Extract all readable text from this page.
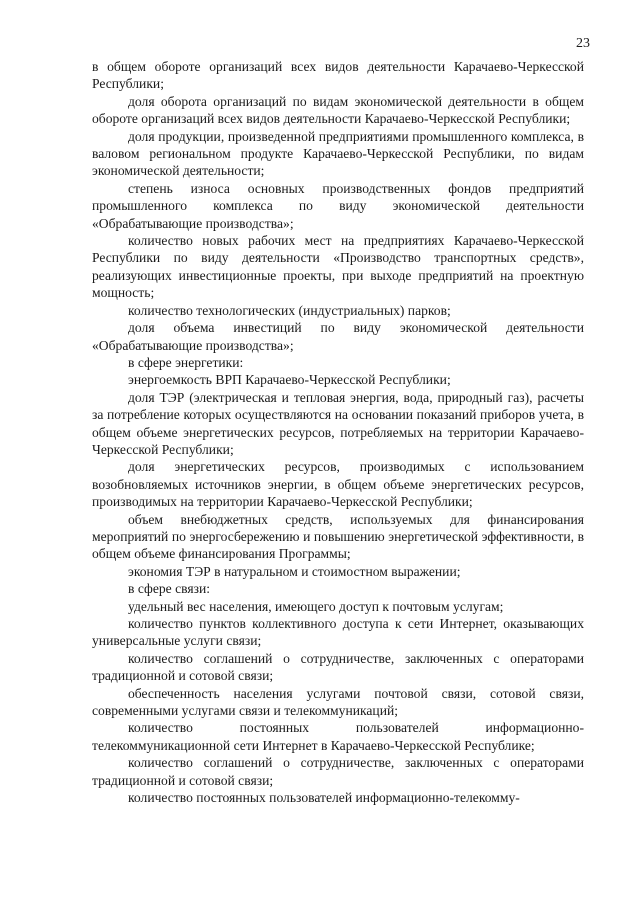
23

в общем обороте организаций всех видов деятельности Карачаево-Черкесской Республики;

доля оборота организаций по видам экономической деятельности в общем обороте организаций всех видов деятельности Карачаево-Черкесской Республики;

доля продукции, произведенной предприятиями промышленного комплекса, в валовом региональном продукте Карачаево-Черкесской Республики, по видам экономической деятельности;

степень износа основных производственных фондов предприятий промышленного комплекса по виду экономической деятельности «Обрабатывающие производства»;

количество новых рабочих мест на предприятиях Карачаево-Черкесской Республики по виду деятельности «Производство транспортных средств», реализующих инвестиционные проекты, при выходе предприятий на проектную мощность;

количество технологических (индустриальных) парков;

доля объема инвестиций по виду экономической деятельности «Обрабатывающие производства»;

в сфере энергетики:

энергоемкость ВРП Карачаево-Черкесской Республики;

доля ТЭР (электрическая и тепловая энергия, вода, природный газ), расчеты за потребление которых осуществляются на основании показаний приборов учета, в общем объеме энергетических ресурсов, потребляемых на территории Карачаево-Черкесской Республики;

доля энергетических ресурсов, производимых с использованием возобновляемых источников энергии, в общем объеме энергетических ресурсов, производимых на территории Карачаево-Черкесской Республики;

объем внебюджетных средств, используемых для финансирования мероприятий по энергосбережению и повышению энергетической эффективности, в общем объеме финансирования Программы;

экономия ТЭР в натуральном и стоимостном выражении;

в сфере связи:

удельный вес населения, имеющего доступ к почтовым услугам;

количество пунктов коллективного доступа к сети Интернет, оказывающих универсальные услуги связи;

количество соглашений о сотрудничестве, заключенных с операторами традиционной и сотовой связи;

обеспеченность населения услугами почтовой связи, сотовой связи, современными услугами связи и телекоммуникаций;

количество постоянных пользователей информационно-телекоммуникационной сети Интернет в Карачаево-Черкесской Республике;

количество соглашений о сотрудничестве, заключенных с операторами традиционной и сотовой связи;

количество постоянных пользователей информационно-телекомму-
